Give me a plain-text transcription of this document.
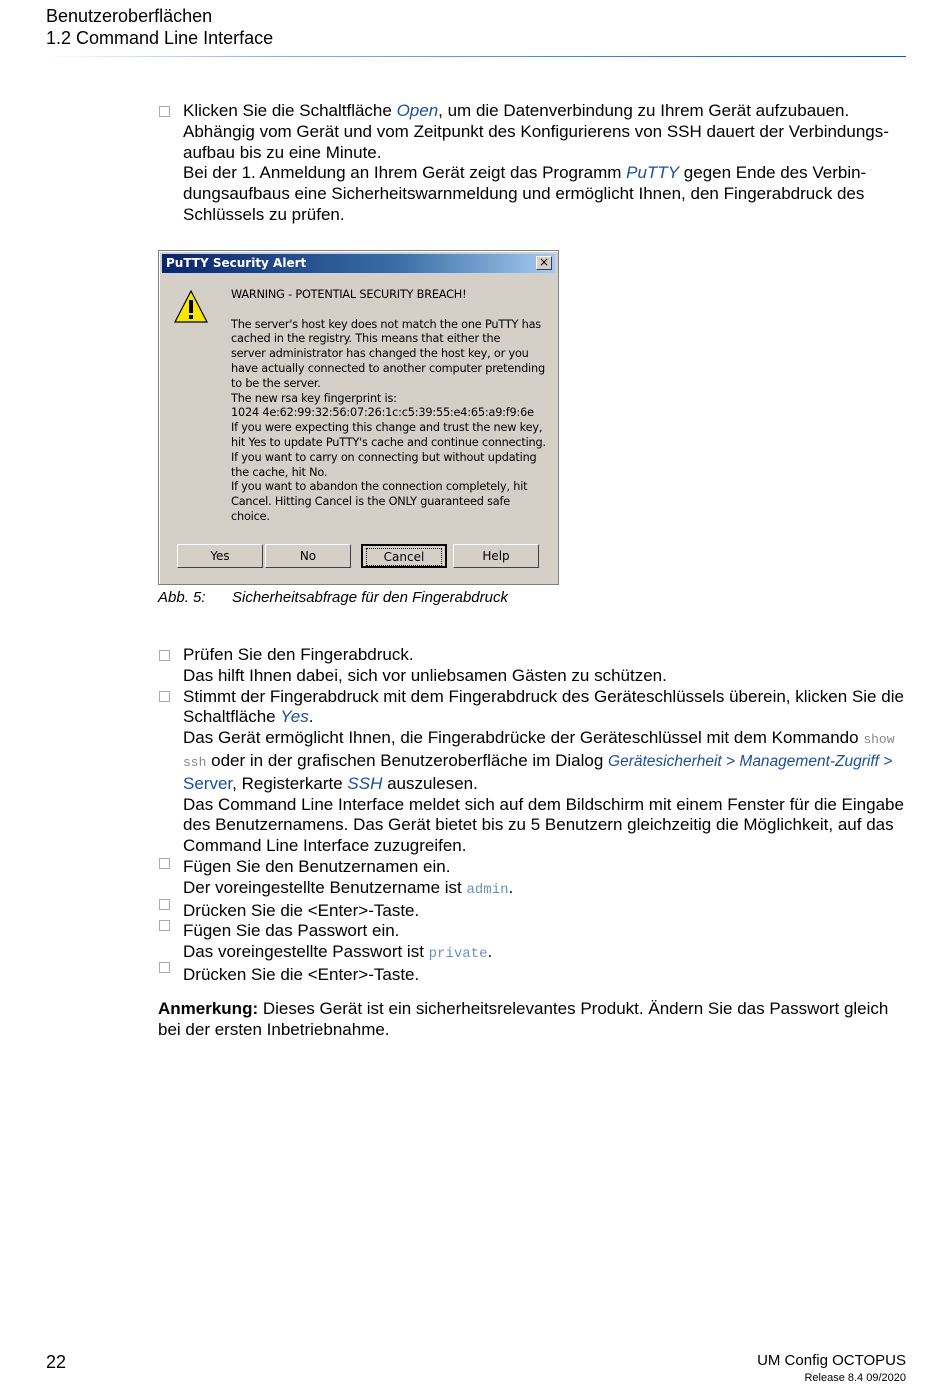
Benutzeroberflächen
1.2 Command Line Interface
Klicken Sie die Schaltfläche Open, um die Datenverbindung zu Ihrem Gerät aufzubauen.
Abhängig vom Gerät und vom Zeitpunkt des Konfigurierens von SSH dauert der Verbindungs-
aufbau bis zu eine Minute.
Bei der 1. Anmeldung an Ihrem Gerät zeigt das Programm PuTTY gegen Ende des Verbin-
dungsaufbaus eine Sicherheitswarnmeldung und ermöglicht Ihnen, den Fingerabdruck des
Schlüssels zu prüfen.
PuTTY Security Alert	×
WARNING - POTENTIAL SECURITY BREACH!
The server's host key does not match the one PuTTY has
cached in the registry. This means that either the
server administrator has changed the host key, or you
have actually connected to another computer pretending
to be the server.
The new rsa key fingerprint is:
1024 4e:62:99:32:56:07:26:1c:c5:39:55:e4:65:a9:f9:6e
If you were expecting this change and trust the new key,
hit Yes to update PuTTY's cache and continue connecting.
If you want to carry on connecting but without updating
the cache, hit No.
If you want to abandon the connection completely, hit
Cancel. Hitting Cancel is the ONLY guaranteed safe
choice.
Yes	No	Cancel	Help
Abb. 5: Sicherheitsabfrage für den Fingerabdruck
Prüfen Sie den Fingerabdruck.
Das hilft Ihnen dabei, sich vor unliebsamen Gästen zu schützen.
Stimmt der Fingerabdruck mit dem Fingerabdruck des Geräteschlüssels überein, klicken Sie die
Schaltfläche Yes.
Das Gerät ermöglicht Ihnen, die Fingerabdrücke der Geräteschlüssel mit dem Kommando show
ssh oder in der grafischen Benutzeroberfläche im Dialog Gerätesicherheit > Management-Zugriff >
Server, Registerkarte SSH auszulesen.
Das Command Line Interface meldet sich auf dem Bildschirm mit einem Fenster für die Eingabe
des Benutzernamens. Das Gerät bietet bis zu 5 Benutzern gleichzeitig die Möglichkeit, auf das
Command Line Interface zuzugreifen.
Fügen Sie den Benutzernamen ein.
Der voreingestellte Benutzername ist admin.
Drücken Sie die <Enter>-Taste.
Fügen Sie das Passwort ein.
Das voreingestellte Passwort ist private.
Drücken Sie die <Enter>-Taste.
Anmerkung: Dieses Gerät ist ein sicherheitsrelevantes Produkt. Ändern Sie das Passwort gleich
bei der ersten Inbetriebnahme.
22	UM Config OCTOPUS
Release 8.4 09/2020
